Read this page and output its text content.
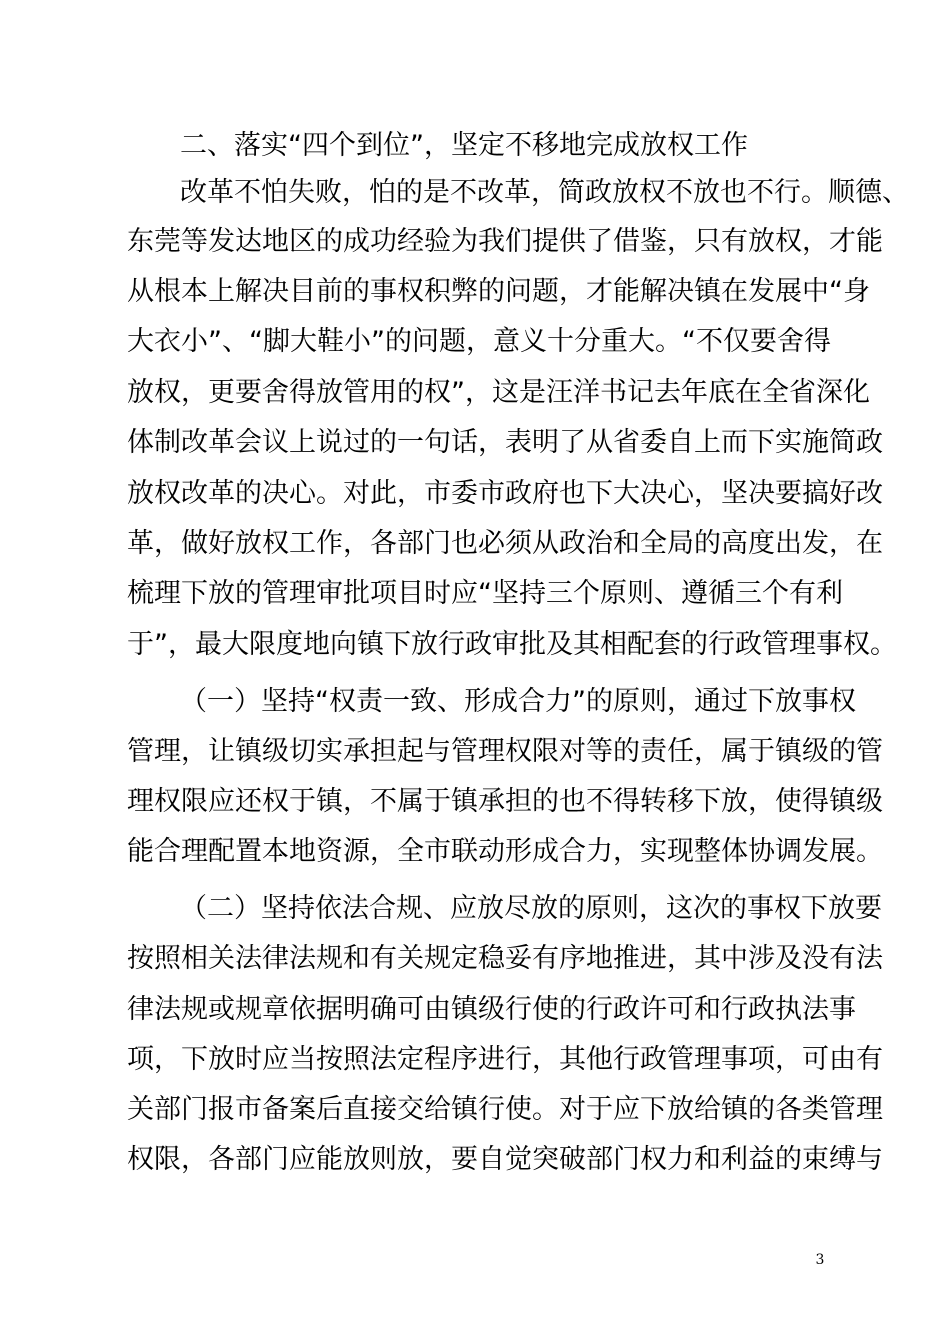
二、落实“四个到位”，坚定不移地完成放权工作
改革不怕失败，怕的是不改革，简政放权不放也不行。顺德、
东莞等发达地区的成功经验为我们提供了借鉴，只有放权，才能
从根本上解决目前的事权积弊的问题，才能解决镇在发展中“身
大衣小”、“脚大鞋小”的问题，意义十分重大。“不仅要舍得
放权，更要舍得放管用的权”，这是汪洋书记去年底在全省深化
体制改革会议上说过的一句话，表明了从省委自上而下实施简政
放权改革的决心。对此，市委市政府也下大决心，坚决要搞好改
革，做好放权工作，各部门也必须从政治和全局的高度出发，在
梳理下放的管理审批项目时应“坚持三个原则、遵循三个有利
于”，最大限度地向镇下放行政审批及其相配套的行政管理事权。
（一）坚持“权责一致、形成合力”的原则，通过下放事权
管理，让镇级切实承担起与管理权限对等的责任，属于镇级的管
理权限应还权于镇，不属于镇承担的也不得转移下放，使得镇级
能合理配置本地资源，全市联动形成合力，实现整体协调发展。
（二）坚持依法合规、应放尽放的原则，这次的事权下放要
按照相关法律法规和有关规定稳妥有序地推进，其中涉及没有法
律法规或规章依据明确可由镇级行使的行政许可和行政执法事
项，下放时应当按照法定程序进行，其他行政管理事项，可由有
关部门报市备案后直接交给镇行使。对于应下放给镇的各类管理
权限，各部门应能放则放，要自觉突破部门权力和利益的束缚与
3
